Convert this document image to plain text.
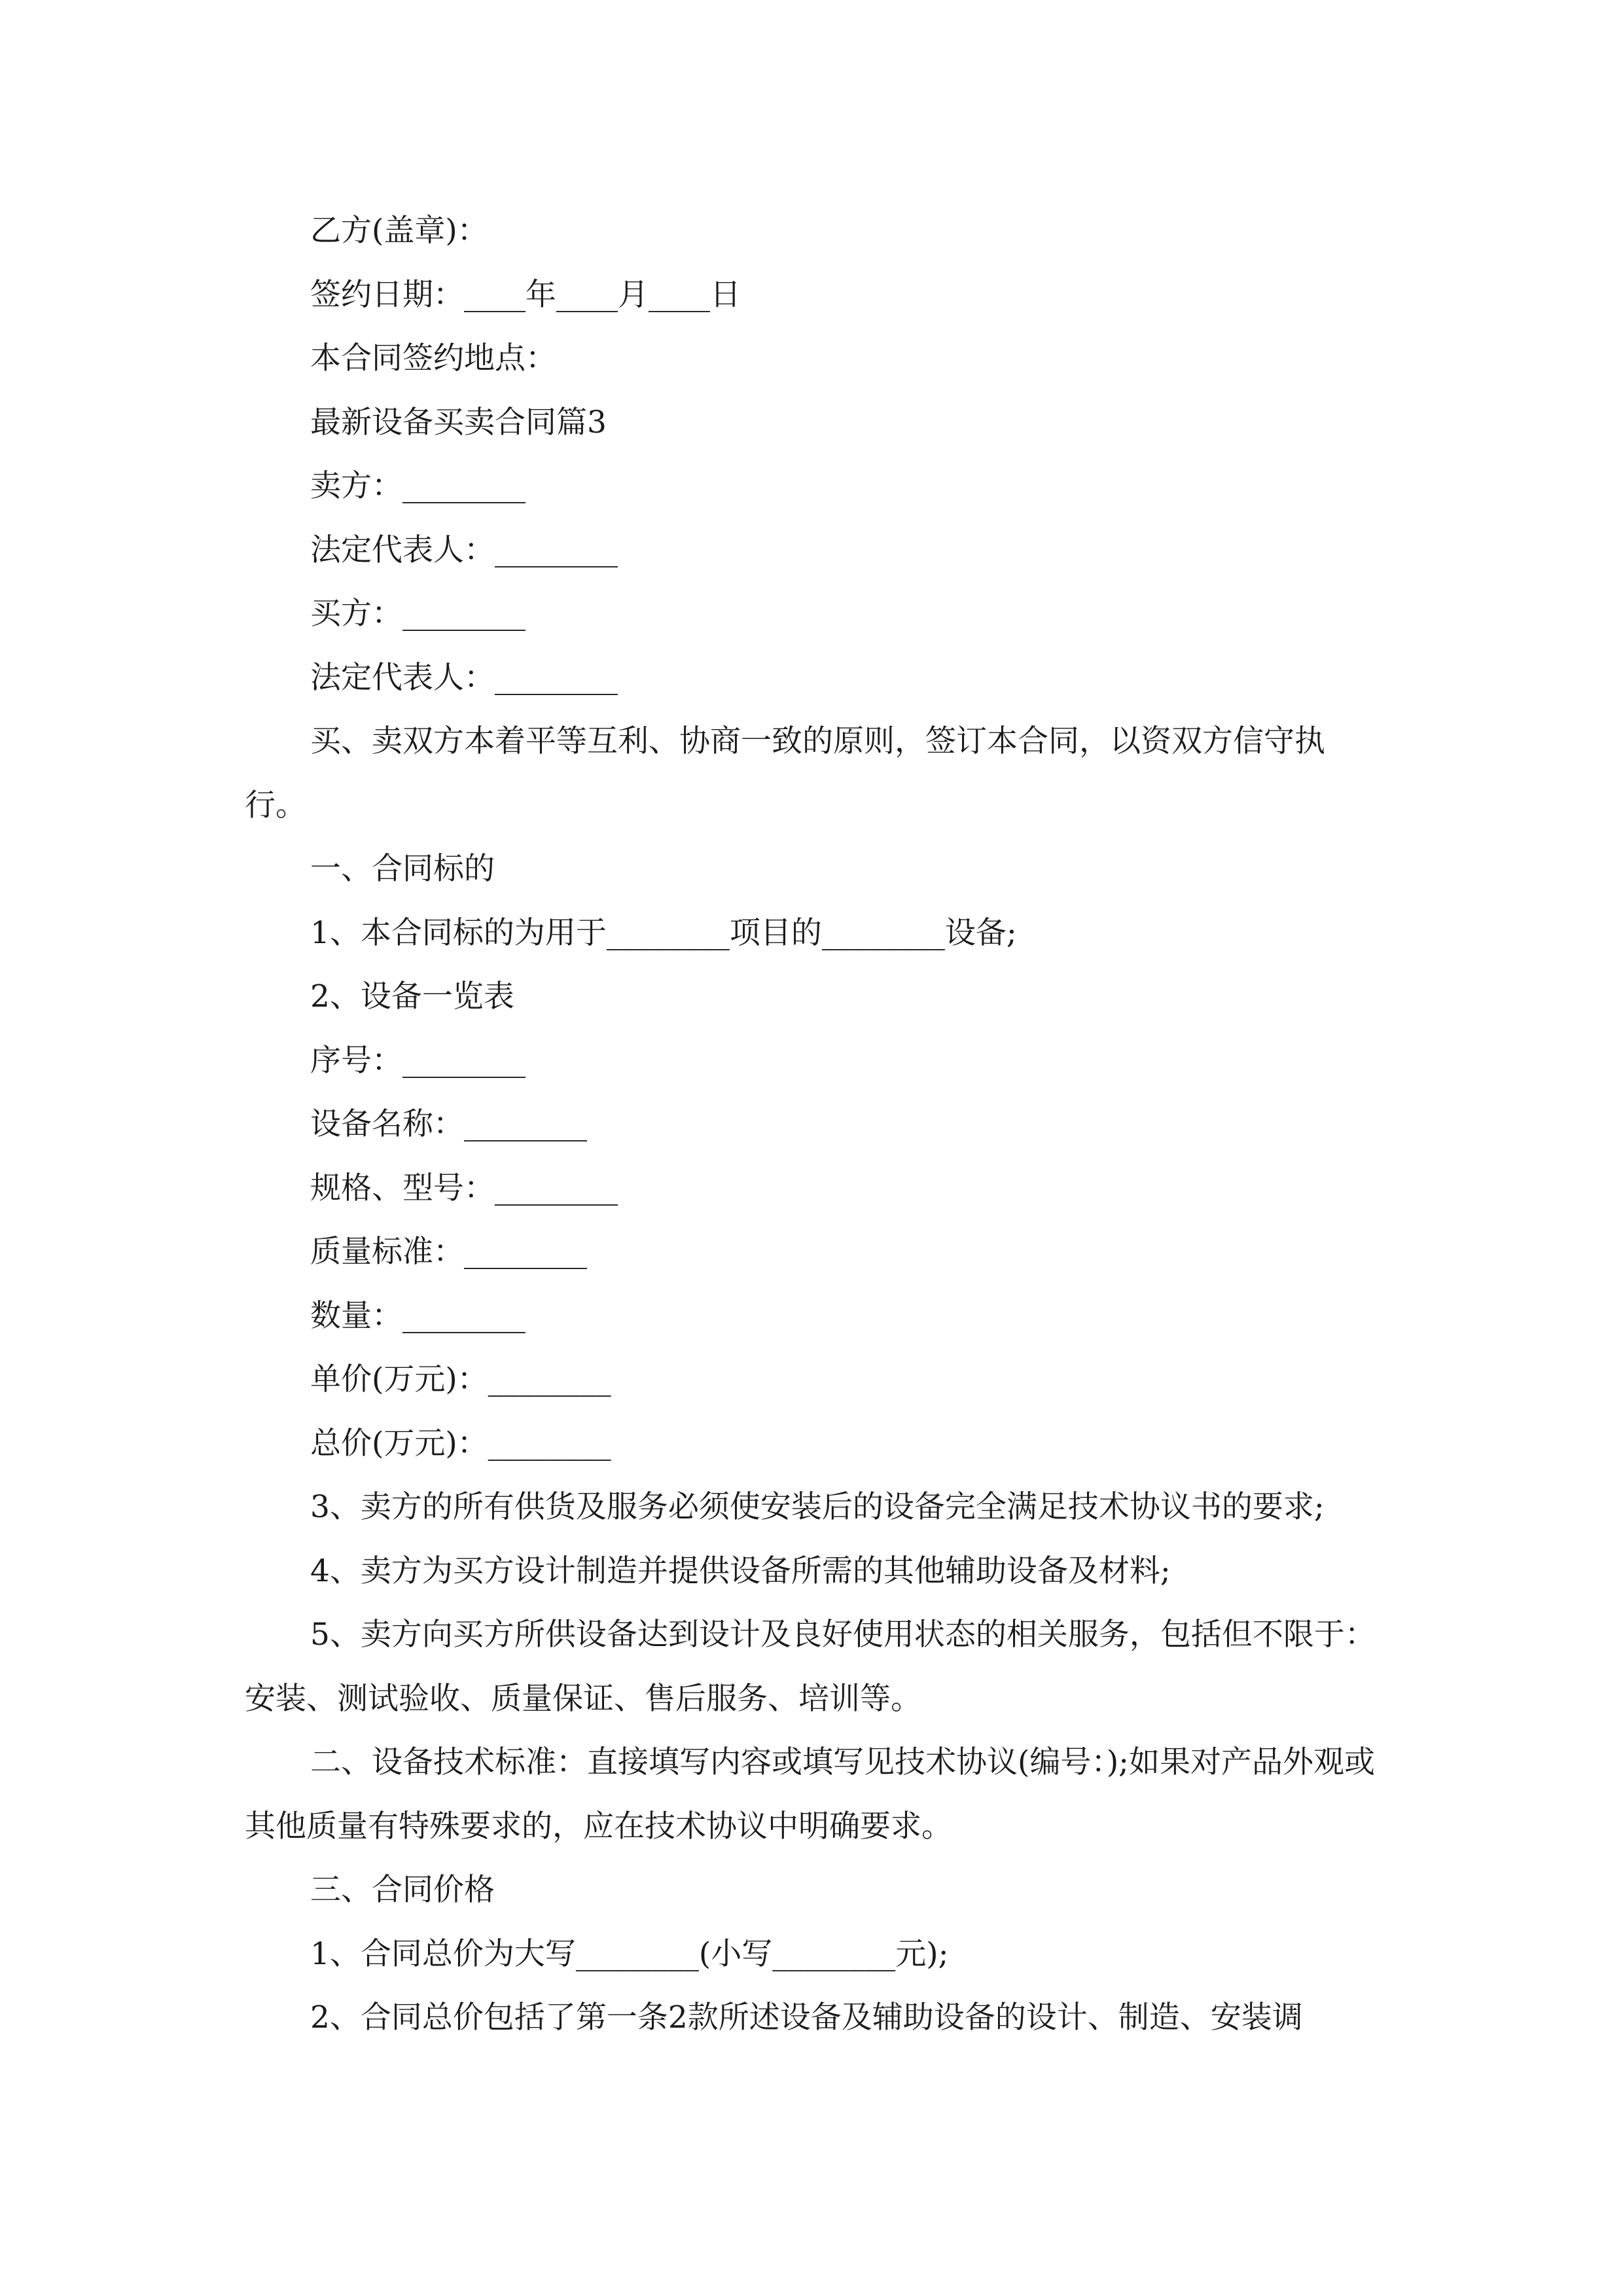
乙方(盖章)：

签约日期：____年____月____日

本合同签约地点：

最新设备买卖合同篇3

卖方：________

法定代表人：________

买方：________

法定代表人：________

买、卖双方本着平等互利、协商一致的原则，签订本合同，以资双方信守执行。

一、合同标的

1、本合同标的为用于________项目的________设备;

2、设备一览表

序号：________

设备名称：________

规格、型号：________

质量标准：________

数量：________

单价(万元)：________

总价(万元)：________

3、卖方的所有供货及服务必须使安装后的设备完全满足技术协议书的要求;

4、卖方为买方设计制造并提供设备所需的其他辅助设备及材料;

5、卖方向买方所供设备达到设计及良好使用状态的相关服务，包括但不限于：安装、测试验收、质量保证、售后服务、培训等。

二、设备技术标准：直接填写内容或填写见技术协议(编号：);如果对产品外观或其他质量有特殊要求的，应在技术协议中明确要求。

三、合同价格

1、合同总价为大写________(小写________元);

2、合同总价包括了第一条2款所述设备及辅助设备的设计、制造、安装调
